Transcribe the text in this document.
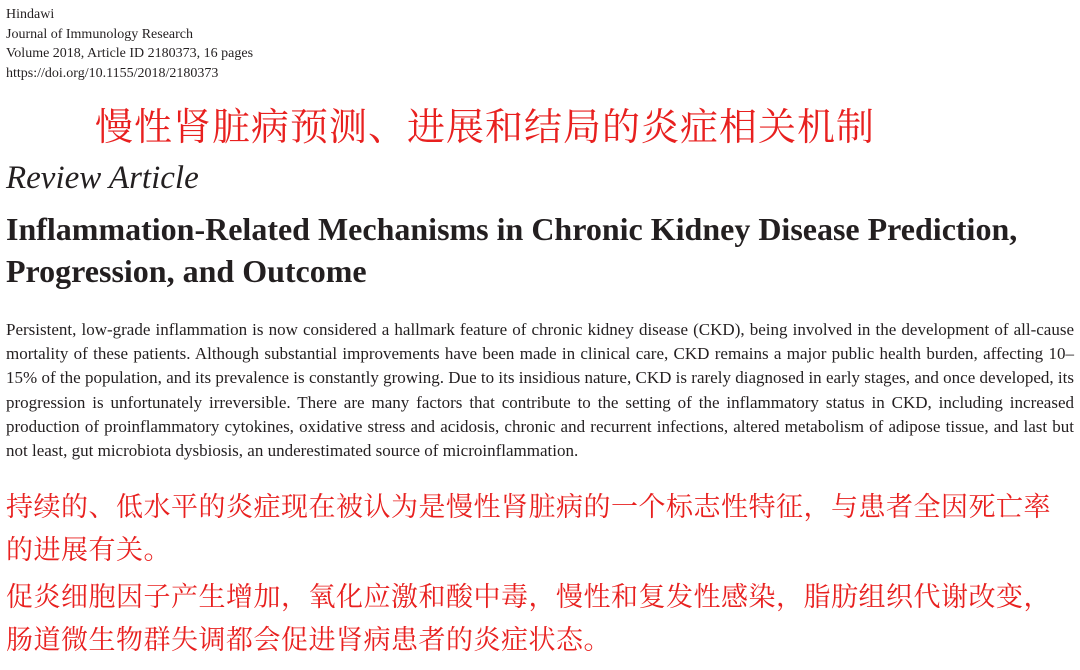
Hindawi
Journal of Immunology Research
Volume 2018, Article ID 2180373, 16 pages
https://doi.org/10.1155/2018/2180373
慢性肾脏病预测、进展和结局的炎症相关机制
Review Article
Inflammation-Related Mechanisms in Chronic Kidney Disease Prediction, Progression, and Outcome
Persistent, low-grade inflammation is now considered a hallmark feature of chronic kidney disease (CKD), being involved in the development of all-cause mortality of these patients. Although substantial improvements have been made in clinical care, CKD remains a major public health burden, affecting 10–15% of the population, and its prevalence is constantly growing. Due to its insidious nature, CKD is rarely diagnosed in early stages, and once developed, its progression is unfortunately irreversible. There are many factors that contribute to the setting of the inflammatory status in CKD, including increased production of proinflammatory cytokines, oxidative stress and acidosis, chronic and recurrent infections, altered metabolism of adipose tissue, and last but not least, gut microbiota dysbiosis, an underestimated source of microinflammation.
持续的、低水平的炎症现在被认为是慢性肾脏病的一个标志性特征，与患者全因死亡率的进展有关。
促炎细胞因子产生增加，氧化应激和酸中毒，慢性和复发性感染，脂肪组织代谢改变，肠道微生物群失调都会促进肾病患者的炎症状态。
